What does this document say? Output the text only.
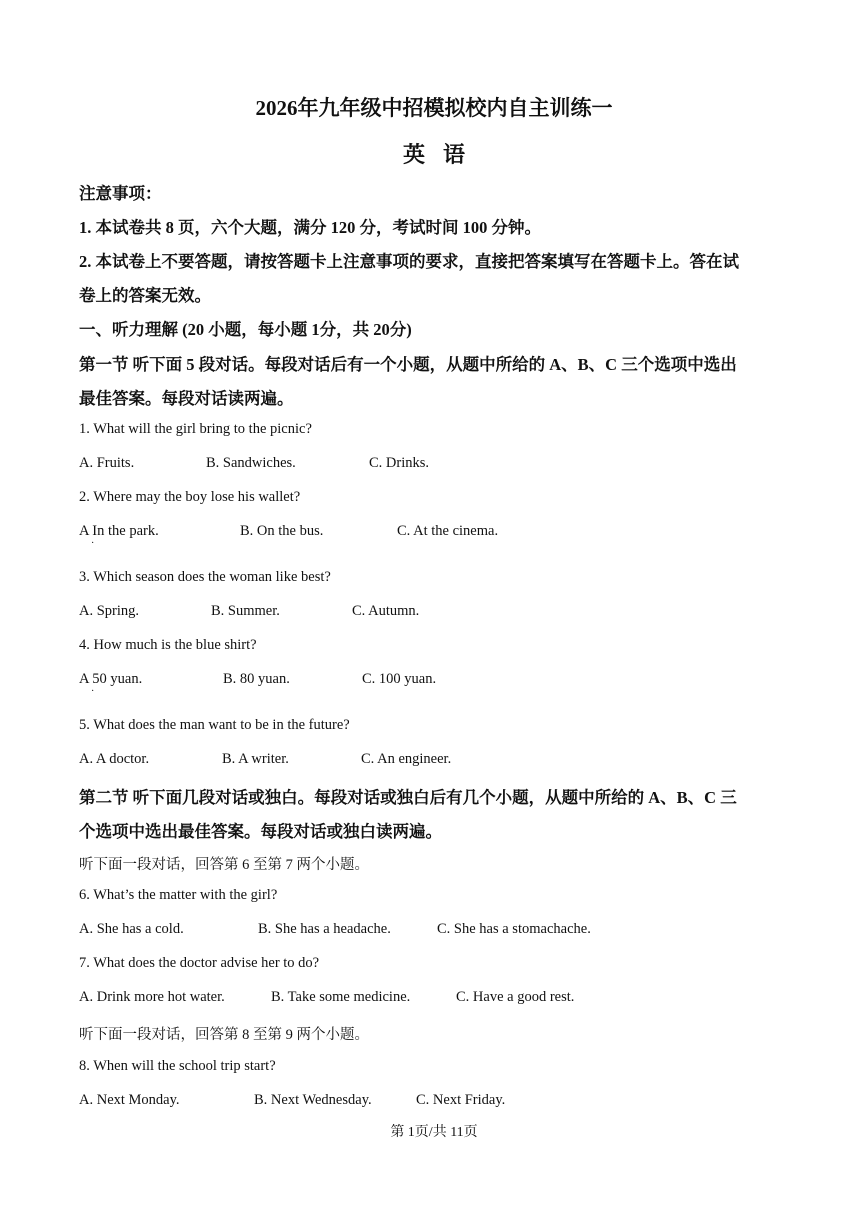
2026年九年级中招模拟校内自主训练一
英语
注意事项：
1. 本试卷共 8 页，六个大题，满分 120 分，考试时间 100 分钟。
2. 本试卷上不要答题，请按答题卡上注意事项的要求，直接把答案填写在答题卡上。答在试
卷上的答案无效。
一、听力理解 (20 小题，每小题 1分，共 20分)
第一节 听下面 5 段对话。每段对话后有一个小题，从题中所给的 A、B、C 三个选项中选出
最佳答案。每段对话读两遍。
1. What will the girl bring to the picnic?
A. Fruits.	B. Sandwiches.	C. Drinks.
2. Where may the boy lose his wallet?
A In the park.
·
B. On the bus.	C. At the cinema.
3. Which season does the woman like best?
A. Spring.	B. Summer.	C. Autumn.
4. How much is the blue shirt?
A 50 yuan.
·
B. 80 yuan.	C. 100 yuan.
5. What does the man want to be in the future?
A. A doctor.	B. A writer.	C. An engineer.
第二节 听下面几段对话或独白。每段对话或独白后有几个小题，从题中所给的 A、B、C 三
个选项中选出最佳答案。每段对话或独白读两遍。
听下面一段对话，回答第 6 至第 7 两个小题。
6. What’s the matter with the girl?
A. She has a cold.	B. She has a headache.	C. She has a stomachache.
7. What does the doctor advise her to do?
A. Drink more hot water.	B. Take some medicine.	C. Have a good rest.
听下面一段对话，回答第 8 至第 9 两个小题。
8. When will the school trip start?
A. Next Monday.	B. Next Wednesday.	C. Next Friday.
第 1页/共 11页
